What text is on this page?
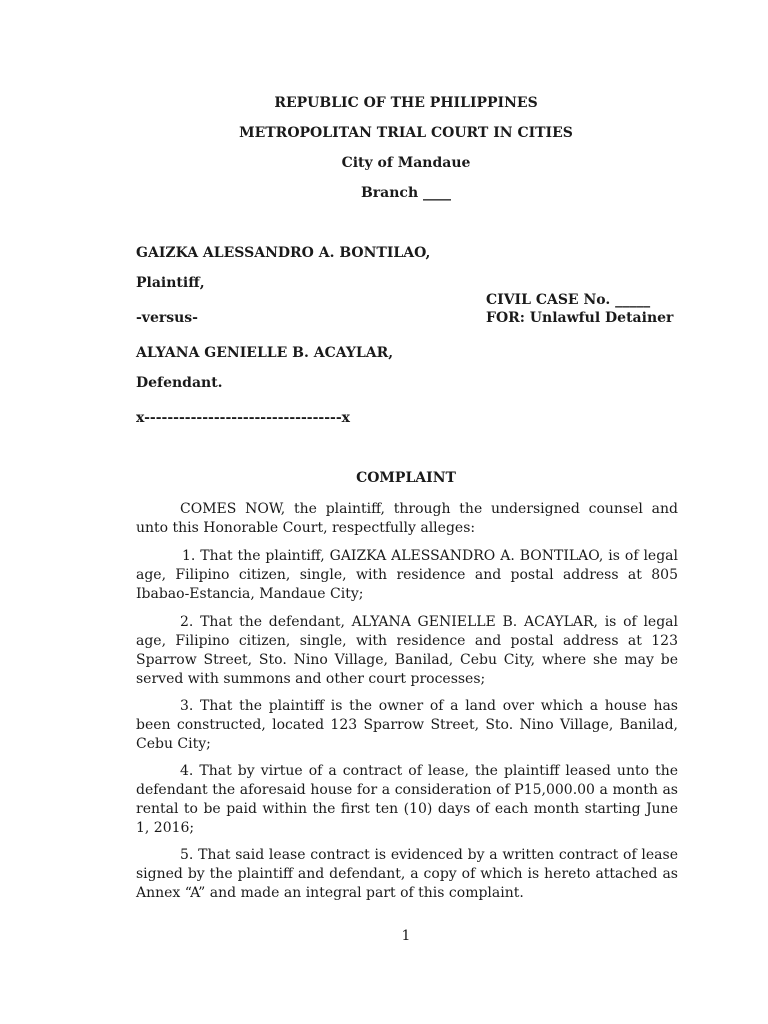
REPUBLIC OF THE PHILIPPINES
METROPOLITAN TRIAL COURT IN CITIES
City of Mandaue
Branch ____
GAIZKA ALESSANDRO A. BONTILAO,
Plaintiff,
CIVIL CASE No. _____
-versus-	FOR: Unlawful Detainer
ALYANA GENIELLE B. ACAYLAR,
Defendant.
x----------------------------------x
COMPLAINT

COMES NOW, the plaintiff, through the undersigned counsel and unto this Honorable Court, respectfully alleges:

1. That the plaintiff, GAIZKA ALESSANDRO A. BONTILAO, is of legal age, Filipino citizen, single, with residence and postal address at 805 Ibabao-Estancia, Mandaue City;

2. That the defendant, ALYANA GENIELLE B. ACAYLAR, is of legal age, Filipino citizen, single, with residence and postal address at 123 Sparrow Street, Sto. Nino Village, Banilad, Cebu City, where she may be served with summons and other court processes;

3. That the plaintiff is the owner of a land over which a house has been constructed, located 123 Sparrow Street, Sto. Nino Village, Banilad, Cebu City;

4. That by virtue of a contract of lease, the plaintiff leased unto the defendant the aforesaid house for a consideration of P15,000.00 a month as rental to be paid within the first ten (10) days of each month starting June 1, 2016;

5. That said lease contract is evidenced by a written contract of lease signed by the plaintiff and defendant, a copy of which is hereto attached as Annex “A” and made an integral part of this complaint.

1
